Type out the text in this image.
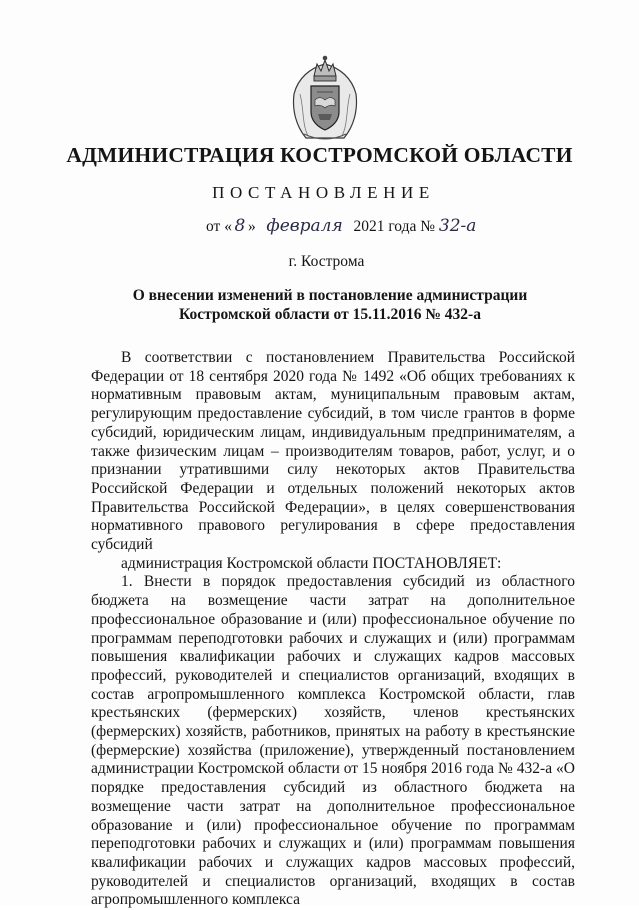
АДМИНИСТРАЦИЯ КОСТРОМСКОЙ ОБЛАСТИ
ПОСТАНОВЛЕНИЕ
от « 8 » февраля 2021 года № 32-а
г. Кострома
О внесении изменений в постановление администрации
Костромской области от 15.11.2016 № 432-а

В соответствии с постановлением Правительства Российской Федерации от 18 сентября 2020 года № 1492 «Об общих требованиях к нормативным правовым актам, муниципальным правовым актам, регулирующим предоставление субсидий, в том числе грантов в форме субсидий, юридическим лицам, индивидуальным предпринимателям, а также физическим лицам – производителям товаров, работ, услуг, и о признании утратившими силу некоторых актов Правительства Российской Федерации и отдельных положений некоторых актов Правительства Российской Федерации», в целях совершенствования нормативного правового регулирования в сфере предоставления субсидий

администрация Костромской области ПОСТАНОВЛЯЕТ:

1. Внести в порядок предоставления субсидий из областного бюджета на возмещение части затрат на дополнительное профессиональное образование и (или) профессиональное обучение по программам переподготовки рабочих и служащих и (или) программам повышения квалификации рабочих и служащих кадров массовых профессий, руководителей и специалистов организаций, входящих в состав агропромышленного комплекса Костромской области, глав крестьянских (фермерских) хозяйств, членов крестьянских (фермерских) хозяйств, работников, принятых на работу в крестьянские (фермерские) хозяйства (приложение), утвержденный постановлением администрации Костромской области от 15 ноября 2016 года № 432-а «О порядке предоставления субсидий из областного бюджета на возмещение части затрат на дополнительное профессиональное образование и (или) профессиональное обучение по программам переподготовки рабочих и служащих и (или) программам повышения квалификации рабочих и служащих кадров массовых профессий, руководителей и специалистов организаций, входящих в состав агропромышленного комплекса
